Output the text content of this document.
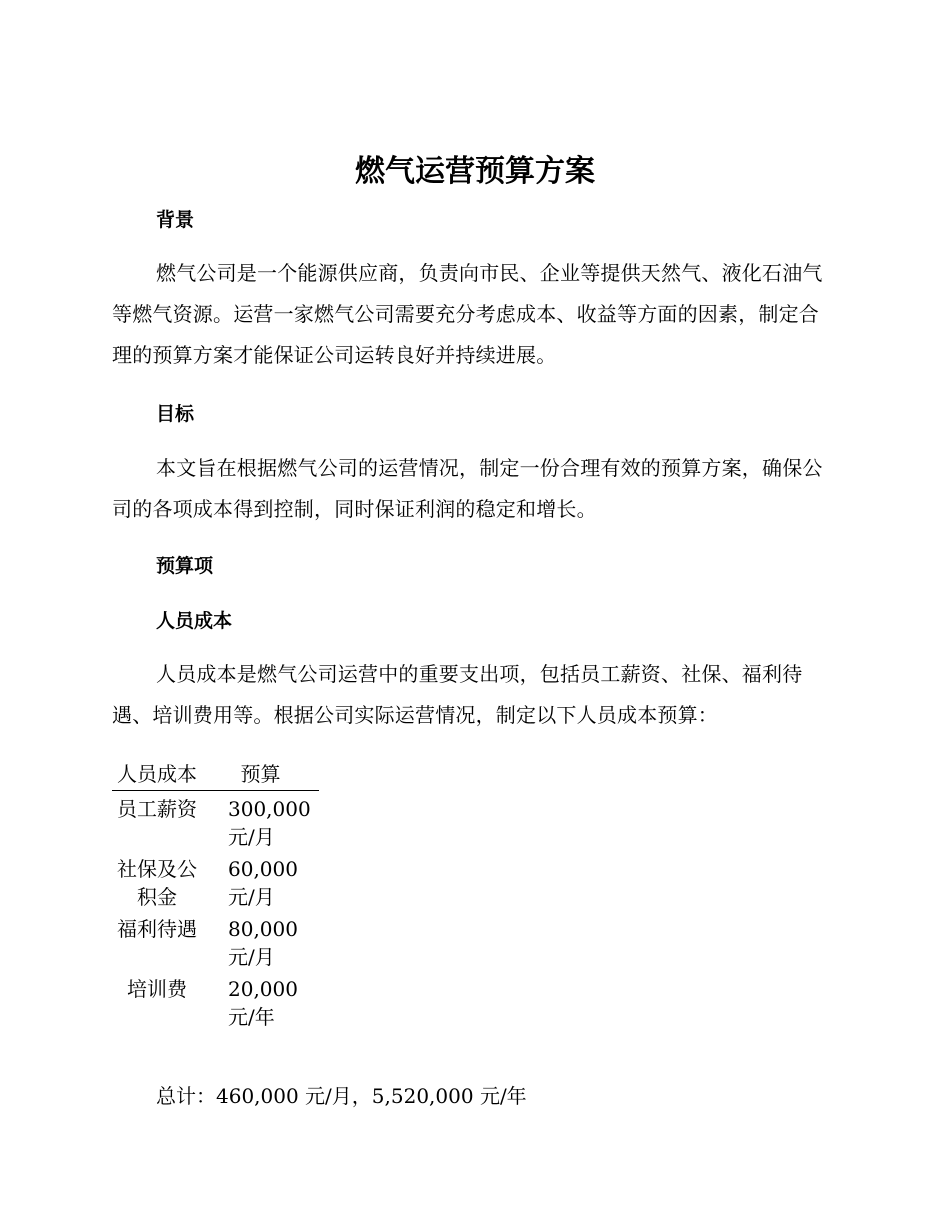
燃气运营预算方案
背景

燃气公司是一个能源供应商，负责向市民、企业等提供天然气、液化石油气等燃气资源。运营一家燃气公司需要充分考虑成本、收益等方面的因素，制定合理的预算方案才能保证公司运转良好并持续进展。

目标

本文旨在根据燃气公司的运营情况，制定一份合理有效的预算方案，确保公司的各项成本得到控制，同时保证利润的稳定和增长。

预算项
人员成本

人员成本是燃气公司运营中的重要支出项，包括员工薪资、社保、福利待遇、培训费用等。根据公司实际运营情况，制定以下人员成本预算：

人员成本	预算
员工薪资 300,000
元/月
社保及公积金
60,000
元/月
福利待遇 80,000
元/月
培训费	20,000
元/年

总计：460,000 元/月，5,520,000 元/年
